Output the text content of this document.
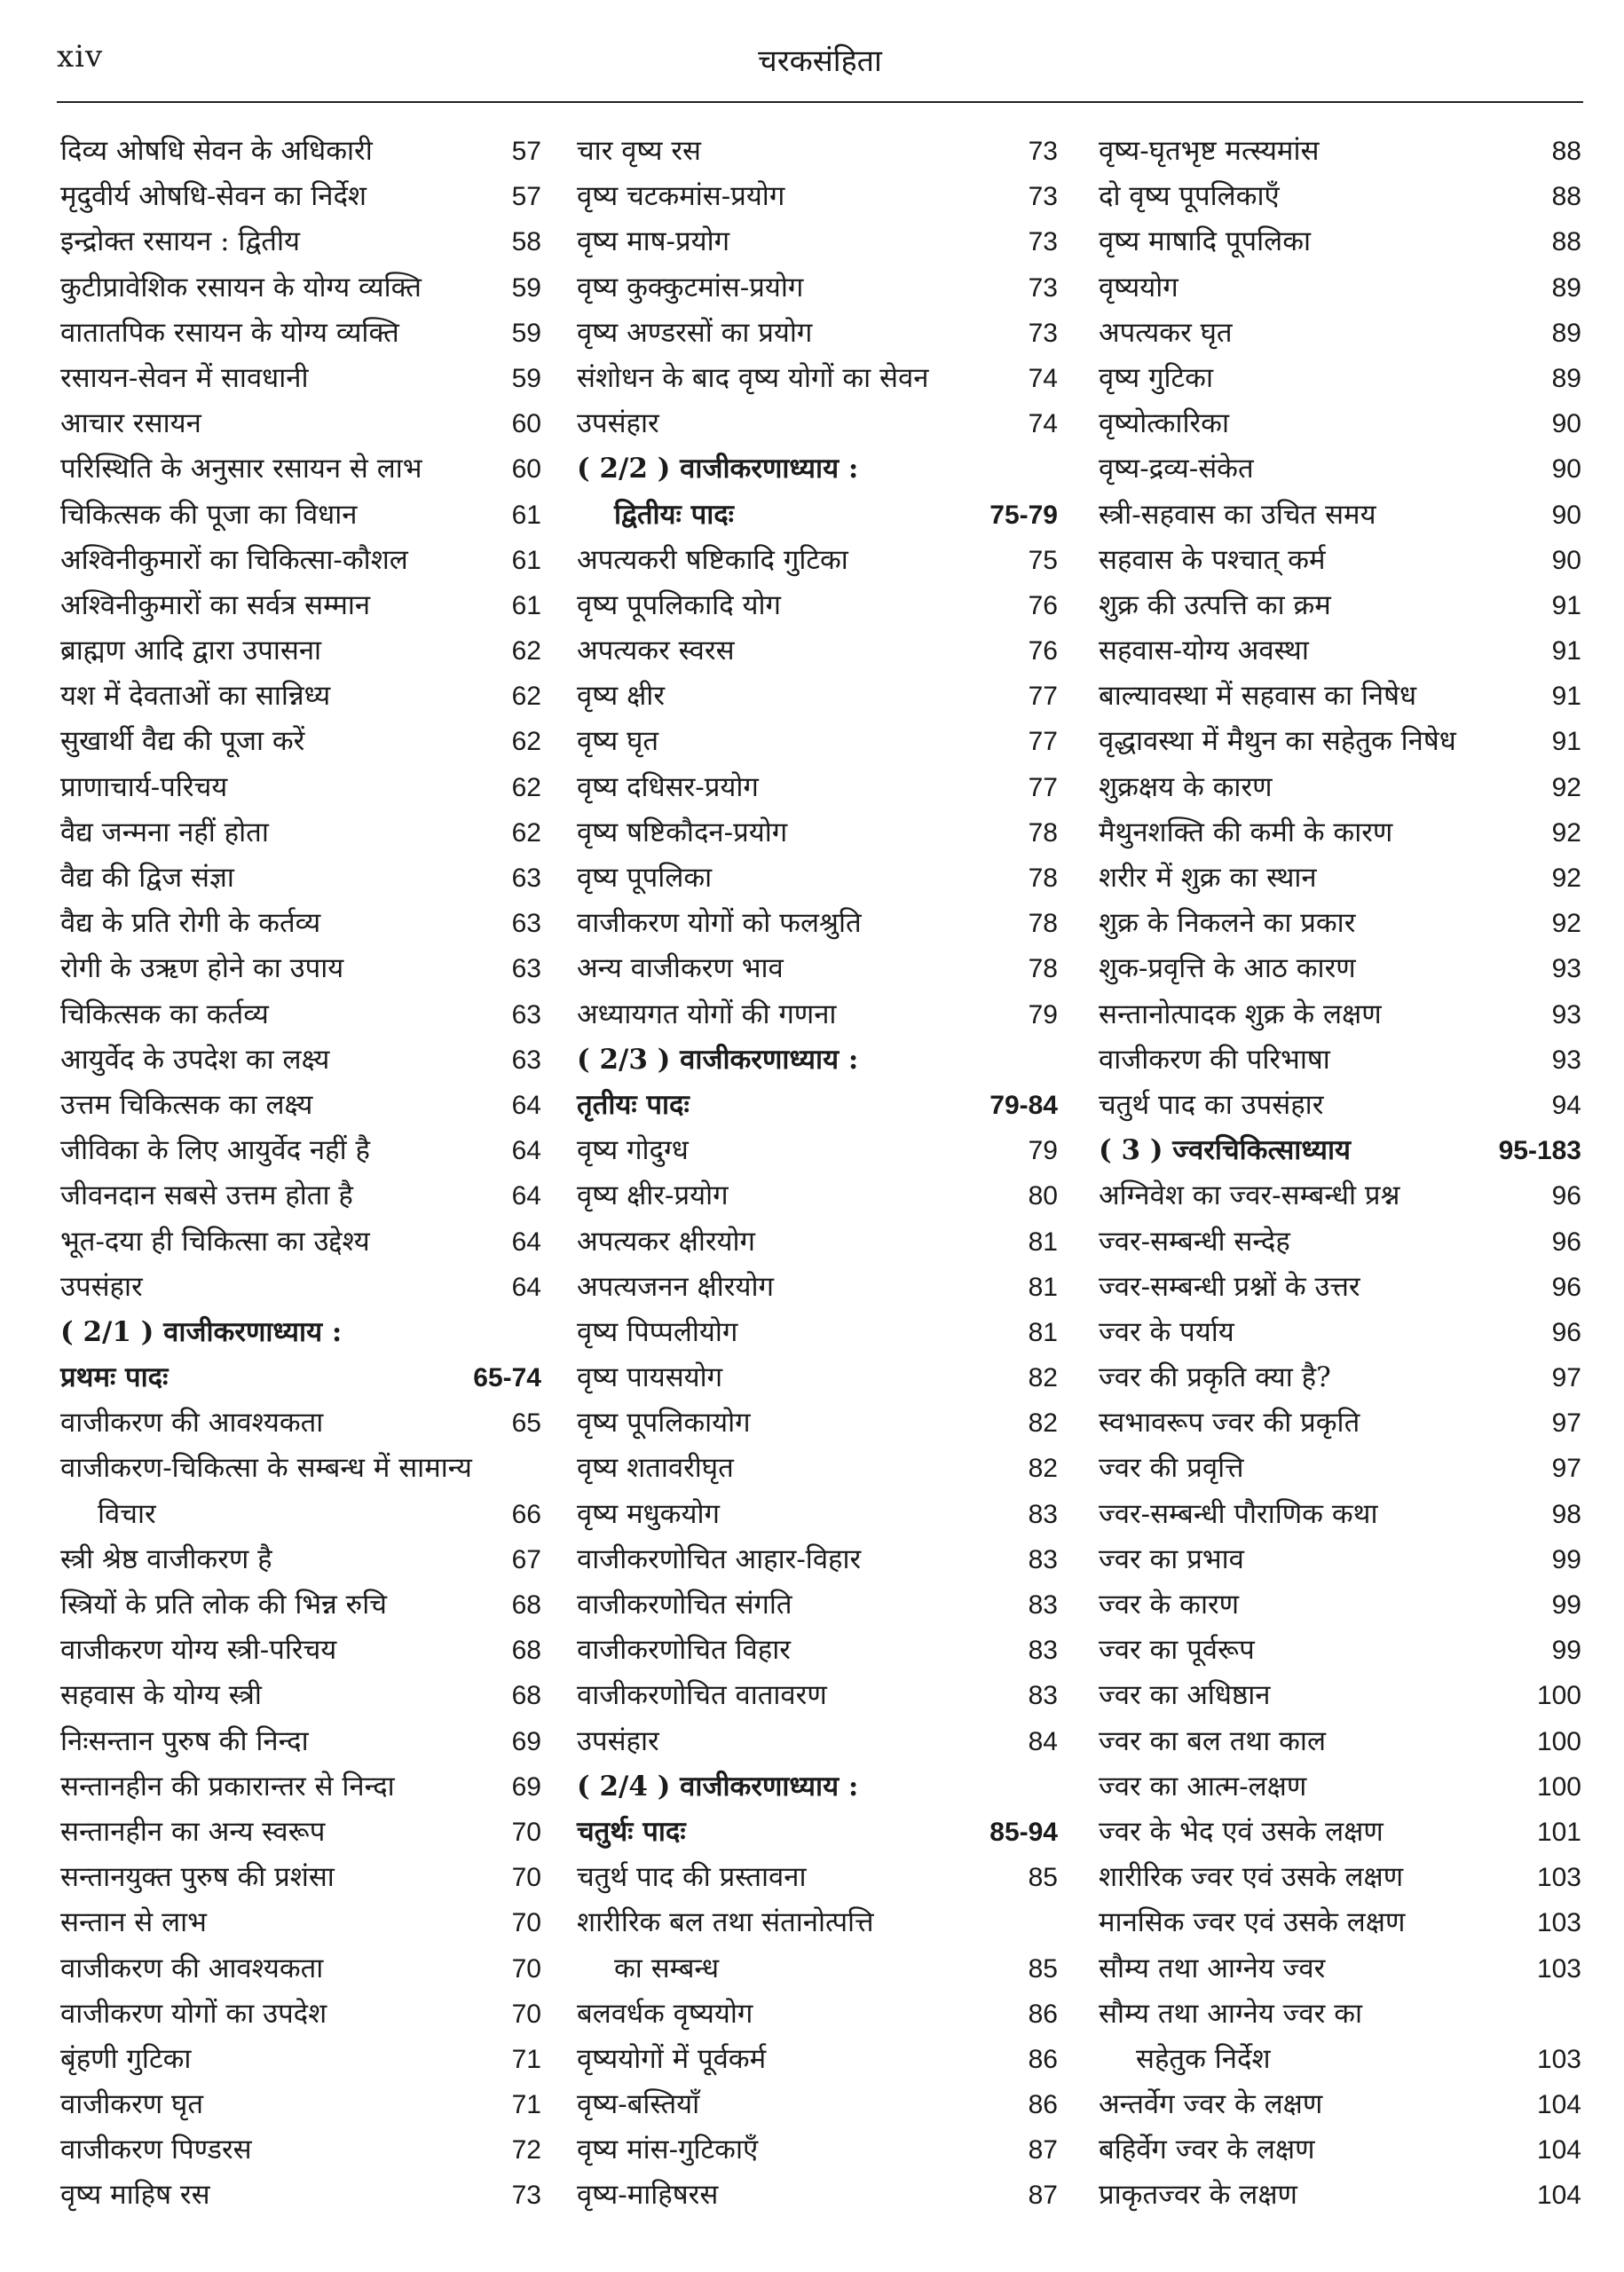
xiv	चरकसंहिता
दिव्य ओषधि सेवन के अधिकारी	57
मृदुवीर्य ओषधि-सेवन का निर्देश	57
इन्द्रोक्त रसायन : द्वितीय	58
कुटीप्रावेशिक रसायन के योग्य व्यक्ति	59
वातातपिक रसायन के योग्य व्यक्ति	59
रसायन-सेवन में सावधानी	59
आचार रसायन	60
परिस्थिति के अनुसार रसायन से लाभ	60
चिकित्सक की पूजा का विधान	61
अश्विनीकुमारों का चिकित्सा-कौशल	61
अश्विनीकुमारों का सर्वत्र सम्मान	61
ब्राह्मण आदि द्वारा उपासना	62
यश में देवताओं का सान्निध्य	62
सुखार्थी वैद्य की पूजा करें	62
प्राणाचार्य-परिचय	62
वैद्य जन्मना नहीं होता	62
वैद्य की द्विज संज्ञा	63
वैद्य के प्रति रोगी के कर्तव्य	63
रोगी के उऋण होने का उपाय	63
चिकित्सक का कर्तव्य	63
आयुर्वेद के उपदेश का लक्ष्य	63
उत्तम चिकित्सक का लक्ष्य	64
जीविका के लिए आयुर्वेद नहीं है	64
जीवनदान सबसे उत्तम होता है	64
भूत-दया ही चिकित्सा का उद्देश्य	64
उपसंहार	64
( 2/1 ) वाजीकरणाध्याय :
प्रथमः पादः	65-74
वाजीकरण की आवश्यकता	65
वाजीकरण-चिकित्सा के सम्बन्ध में सामान्य
विचार	66
स्त्री श्रेष्ठ वाजीकरण है	67
स्त्रियों के प्रति लोक की भिन्न रुचि	68
वाजीकरण योग्य स्त्री-परिचय	68
सहवास के योग्य स्त्री	68
निःसन्तान पुरुष की निन्दा	69
सन्तानहीन की प्रकारान्तर से निन्दा	69
सन्तानहीन का अन्य स्वरूप	70
सन्तानयुक्त पुरुष की प्रशंसा	70
सन्तान से लाभ	70
वाजीकरण की आवश्यकता	70
वाजीकरण योगों का उपदेश	70
बृंहणी गुटिका	71
वाजीकरण घृत	71
वाजीकरण पिण्डरस	72
वृष्य माहिष रस	73
चार वृष्य रस	73
वृष्य चटकमांस-प्रयोग	73
वृष्य माष-प्रयोग	73
वृष्य कुक्कुटमांस-प्रयोग	73
वृष्य अण्डरसों का प्रयोग	73
संशोधन के बाद वृष्य योगों का सेवन	74
उपसंहार	74
( 2/2 ) वाजीकरणाध्याय :
द्वितीयः पादः	75-79
अपत्यकरी षष्टिकादि गुटिका	75
वृष्य पूपलिकादि योग	76
अपत्यकर स्वरस	76
वृष्य क्षीर	77
वृष्य घृत	77
वृष्य दधिसर-प्रयोग	77
वृष्य षष्टिकौदन-प्रयोग	78
वृष्य पूपलिका	78
वाजीकरण योगों को फलश्रुति	78
अन्य वाजीकरण भाव	78
अध्यायगत योगों की गणना	79
( 2/3 ) वाजीकरणाध्याय :
तृतीयः पादः	79-84
वृष्य गोदुग्ध	79
वृष्य क्षीर-प्रयोग	80
अपत्यकर क्षीरयोग	81
अपत्यजनन क्षीरयोग	81
वृष्य पिप्पलीयोग	81
वृष्य पायसयोग	82
वृष्य पूपलिकायोग	82
वृष्य शतावरीघृत	82
वृष्य मधुकयोग	83
वाजीकरणोचित आहार-विहार	83
वाजीकरणोचित संगति	83
वाजीकरणोचित विहार	83
वाजीकरणोचित वातावरण	83
उपसंहार	84
( 2/4 ) वाजीकरणाध्याय :
चतुर्थः पादः	85-94
चतुर्थ पाद की प्रस्तावना	85
शारीरिक बल तथा संतानोत्पत्ति
का सम्बन्ध	85
बलवर्धक वृष्ययोग	86
वृष्ययोगों में पूर्वकर्म	86
वृष्य-बस्तियाँ	86
वृष्य मांस-गुटिकाएँ	87
वृष्य-माहिषरस	87
वृष्य-घृतभृष्ट मत्स्यमांस	88
दो वृष्य पूपलिकाएँ	88
वृष्य माषादि पूपलिका	88
वृष्ययोग	89
अपत्यकर घृत	89
वृष्य गुटिका	89
वृष्योत्कारिका	90
वृष्य-द्रव्य-संकेत	90
स्त्री-सहवास का उचित समय	90
सहवास के पश्चात् कर्म	90
शुक्र की उत्पत्ति का क्रम	91
सहवास-योग्य अवस्था	91
बाल्यावस्था में सहवास का निषेध	91
वृद्धावस्था में मैथुन का सहेतुक निषेध	91
शुक्रक्षय के कारण	92
मैथुनशक्ति की कमी के कारण	92
शरीर में शुक्र का स्थान	92
शुक्र के निकलने का प्रकार	92
शुक-प्रवृत्ति के आठ कारण	93
सन्तानोत्पादक शुक्र के लक्षण	93
वाजीकरण की परिभाषा	93
चतुर्थ पाद का उपसंहार	94
( 3 ) ज्वरचिकित्साध्याय	95-183
अग्निवेश का ज्वर-सम्बन्धी प्रश्न	96
ज्वर-सम्बन्धी सन्देह	96
ज्वर-सम्बन्धी प्रश्नों के उत्तर	96
ज्वर के पर्याय	96
ज्वर की प्रकृति क्या है?	97
स्वभावरूप ज्वर की प्रकृति	97
ज्वर की प्रवृत्ति	97
ज्वर-सम्बन्धी पौराणिक कथा	98
ज्वर का प्रभाव	99
ज्वर के कारण	99
ज्वर का पूर्वरूप	99
ज्वर का अधिष्ठान	100
ज्वर का बल तथा काल	100
ज्वर का आत्म-लक्षण	100
ज्वर के भेद एवं उसके लक्षण	101
शारीरिक ज्वर एवं उसके लक्षण	103
मानसिक ज्वर एवं उसके लक्षण	103
सौम्य तथा आग्नेय ज्वर	103
सौम्य तथा आग्नेय ज्वर का
सहेतुक निर्देश	103
अन्तर्वेग ज्वर के लक्षण	104
बहिर्वेग ज्वर के लक्षण	104
प्राकृतज्वर के लक्षण	104
